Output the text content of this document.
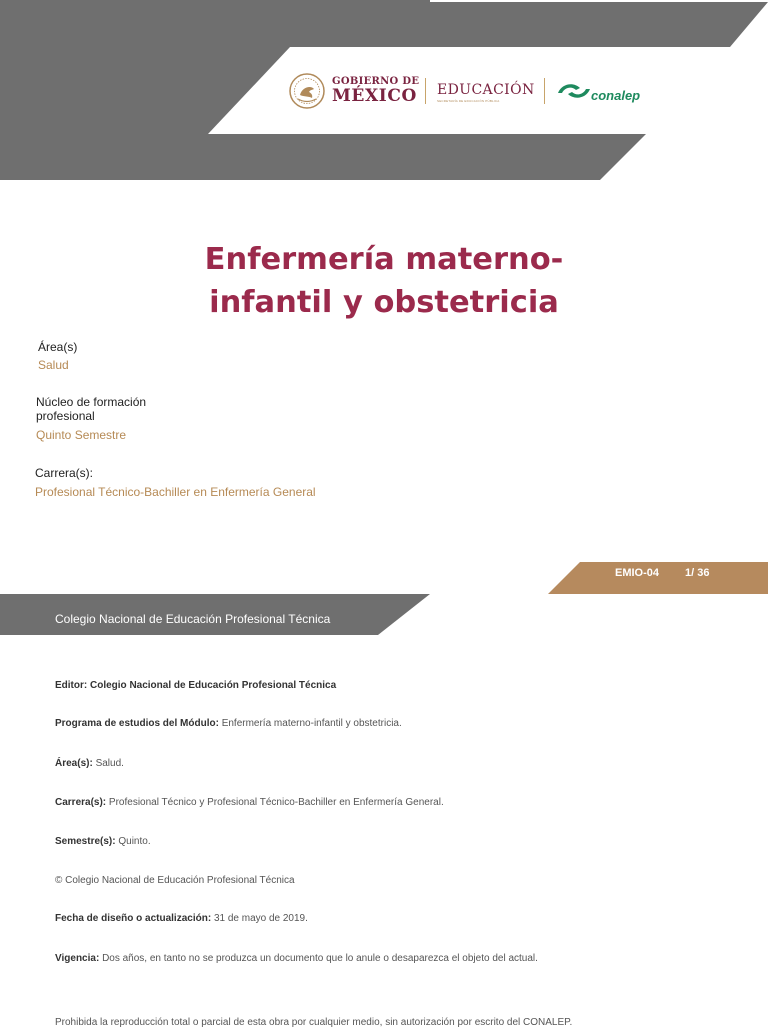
GOBIERNO DE
MÉXICO EDUCACIÓN
SECRETARÍA DE EDUCACIÓN PÚBLICA	conalep
Enfermería materno-infantil y obstetricia
Área(s)
Salud
Núcleo de formación profesional
Quinto Semestre
Carrera(s):
Profesional Técnico-Bachiller en Enfermería General
EMIO-04 1/ 36
Colegio Nacional de Educación Profesional Técnica
Editor: Colegio Nacional de Educación Profesional Técnica
Programa de estudios del Módulo: Enfermería materno-infantil y obstetricia.
Área(s): Salud.
Carrera(s): Profesional Técnico y Profesional Técnico-Bachiller en Enfermería General.
Semestre(s): Quinto.
© Colegio Nacional de Educación Profesional Técnica
Fecha de diseño o actualización: 31 de mayo de 2019.
Vigencia: Dos años, en tanto no se produzca un documento que lo anule o desaparezca el objeto del actual.
Prohibida la reproducción total o parcial de esta obra por cualquier medio, sin autorización por escrito del CONALEP.
